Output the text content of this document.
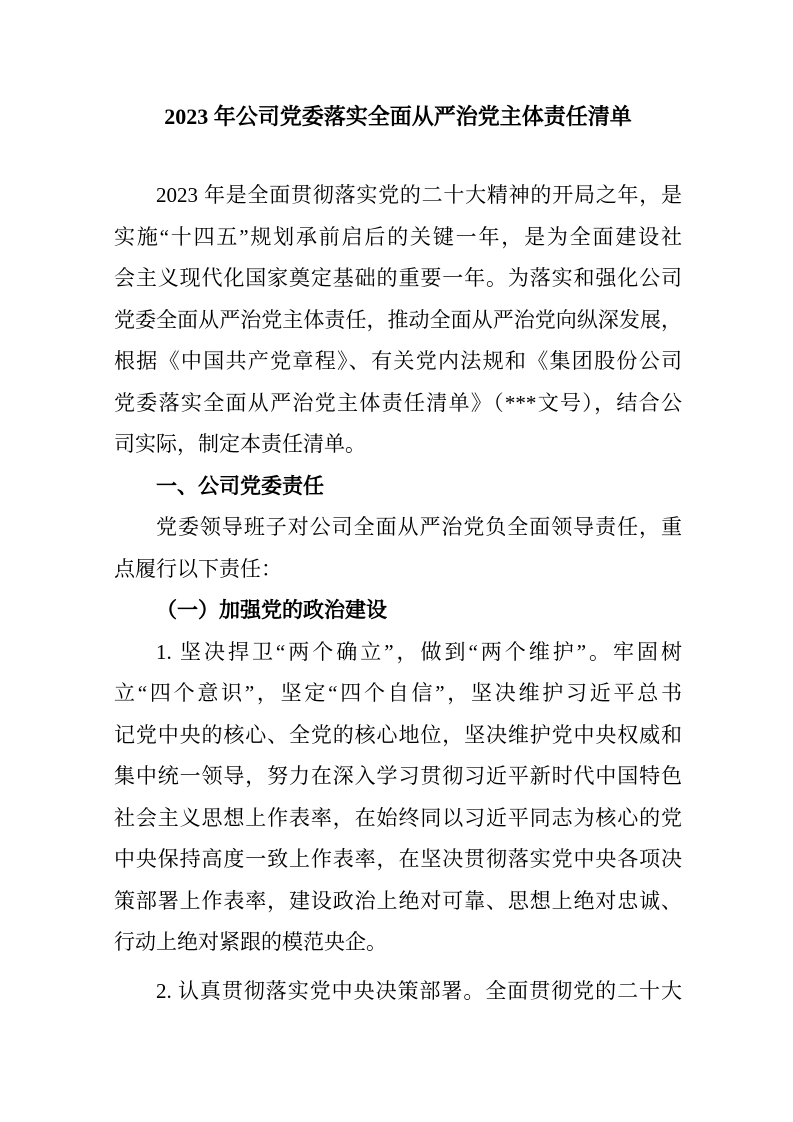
2023 年公司党委落实全面从严治党主体责任清单

2023 年是全面贯彻落实党的二十大精神的开局之年，是
实施“十四五”规划承前启后的关键一年，是为全面建设社
会主义现代化国家奠定基础的重要一年。为落实和强化公司
党委全面从严治党主体责任，推动全面从严治党向纵深发展，
根据《中国共产党章程》、有关党内法规和《集团股份公司
党委落实全面从严治党主体责任清单》（***文号），结合公
司实际，制定本责任清单。

一、公司党委责任

党委领导班子对公司全面从严治党负全面领导责任，重
点履行以下责任：

（一）加强党的政治建设

1. 坚决捍卫“两个确立”，做到“两个维护”。牢固树
立“四个意识”，坚定“四个自信”，坚决维护习近平总书
记党中央的核心、全党的核心地位，坚决维护党中央权威和
集中统一领导，努力在深入学习贯彻习近平新时代中国特色
社会主义思想上作表率，在始终同以习近平同志为核心的党
中央保持高度一致上作表率，在坚决贯彻落实党中央各项决
策部署上作表率，建设政治上绝对可靠、思想上绝对忠诚、
行动上绝对紧跟的模范央企。

2. 认真贯彻落实党中央决策部署。全面贯彻党的二十大
